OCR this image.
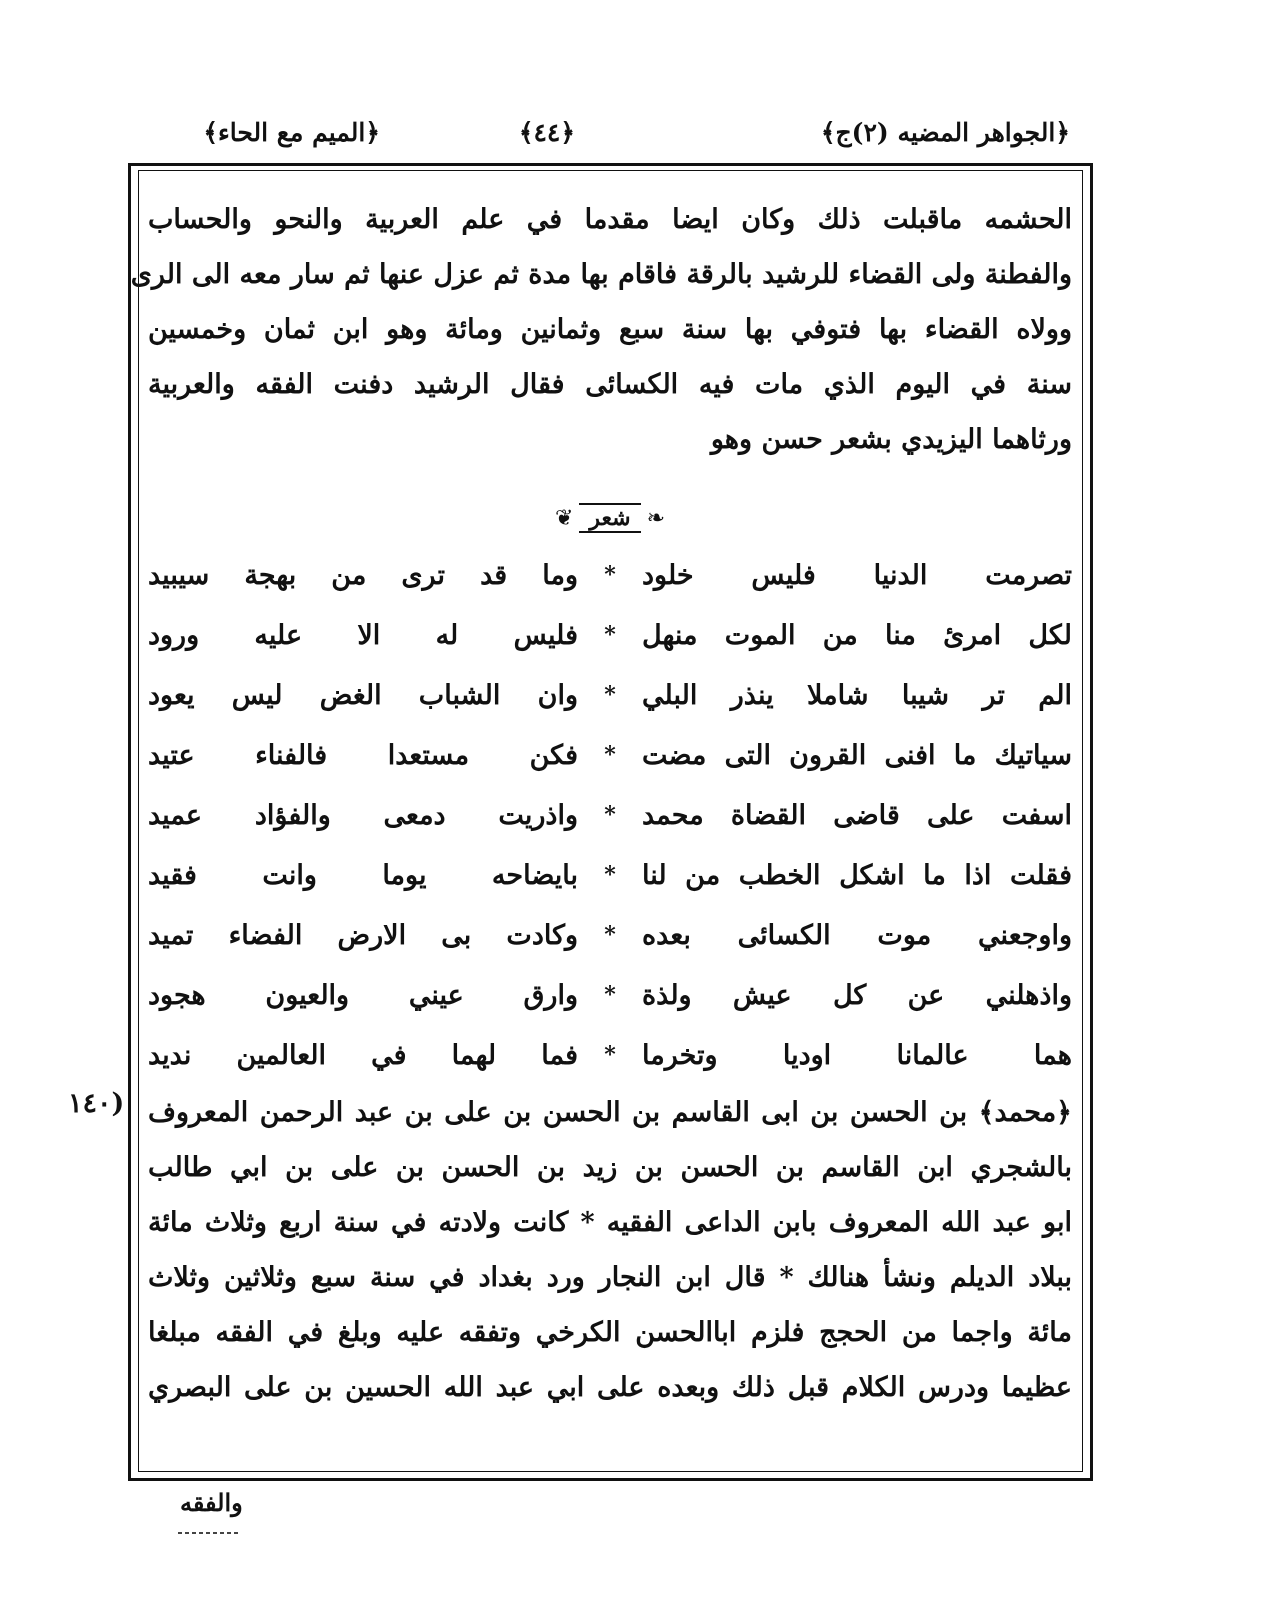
﴿الجواهر المضيه (٢)ج﴾
﴿٤٤﴾
﴿الميم مع الحاء﴾
الحشمه ماقبلت ذلك وكان ايضا مقدما في علم العربية والنحو والحساب
والفطنة ولى القضاء للرشيد بالرقة فاقام بها مدة ثم عزل عنها ثم سار معه الى الرى
وولاه القضاء بها فتوفي بها سنة سبع وثمانين ومائة وهو ابن ثمان وخمسين
سنة في اليوم الذي مات فيه الكسائى فقال الرشيد دفنت الفقه والعربية
ورثاهما اليزيدي بشعر حسن وهو
❦ شعر ❧
تصرمت الدنيا فليس خلود
*
وما قد ترى من بهجة سيبيد
لكل امرئ منا من الموت منهل
*
فليس له الا عليه ورود
الم تر شيبا شاملا ينذر البلي
*
وان الشباب الغض ليس يعود
سياتيك ما افنى القرون التى مضت
*
فكن مستعدا فالفناء عتيد
اسفت على قاضى القضاة محمد
*
واذريت دمعى والفؤاد عميد
فقلت اذا ما اشكل الخطب من لنا
*
بايضاحه يوما وانت فقيد
واوجعني موت الكسائى بعده
*
وكادت بى الارض الفضاء تميد
واذهلني عن كل عيش ولذة
*
وارق عيني والعيون هجود
هما عالمانا اوديا وتخرما
*
فما لهما في العالمين نديد
١٤٠) ﴿محمد﴾ بن الحسن بن ابى القاسم بن الحسن بن على بن عبد الرحمن المعروف
بالشجري ابن القاسم بن الحسن بن زيد بن الحسن بن على بن ابي طالب
ابو عبد الله المعروف بابن الداعى الفقيه * كانت ولادته في سنة اربع وثلاث مائة
ببلاد الديلم ونشأ هنالك * قال ابن النجار ورد بغداد في سنة سبع وثلاثين وثلاث
مائة واجما من الحجج فلزم اباالحسن الكرخي وتفقه عليه وبلغ في الفقه مبلغا
عظيما ودرس الكلام قبل ذلك وبعده على ابي عبد الله الحسين بن على البصري
والفقه
